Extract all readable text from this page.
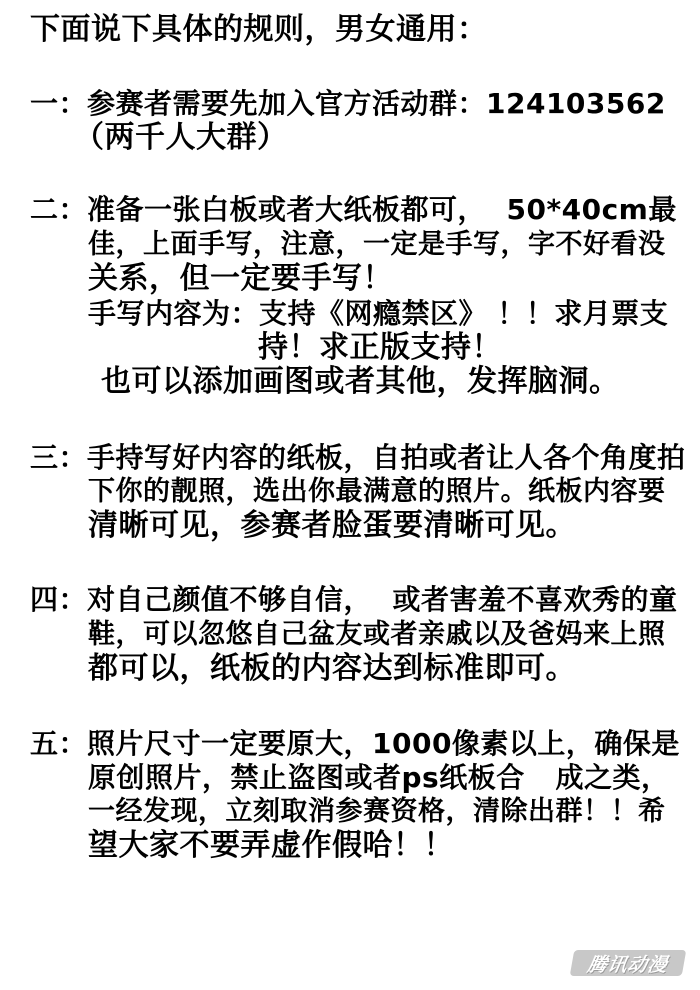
下面说下具体的规则，男女通用：
一：参赛者需要先加入官方活动群：124103562
（两千人大群）
二：准备一张白板或者大纸板都可，  50*40cm最
佳，上面手写，注意，一定是手写，字不好看没
关系，但一定要手写！
手写内容为：支持《网瘾禁区》 ！！求月票支
持！求正版支持！
也可以添加画图或者其他，发挥脑洞。
三：手持写好内容的纸板，自拍或者让人各个角度拍
下你的靓照，选出你最满意的照片。纸板内容要
清晰可见，参赛者脸蛋要清晰可见。
四：对自己颜值不够自信，  或者害羞不喜欢秀的童
鞋，可以忽悠自己盆友或者亲戚以及爸妈来上照
都可以，纸板的内容达到标准即可。
五：照片尺寸一定要原大，1000像素以上，确保是
原创照片，禁止盗图或者ps纸板合   成之类，
一经发现，立刻取消参赛资格，清除出群！！希
望大家不要弄虚作假哈！！
腾讯动漫
